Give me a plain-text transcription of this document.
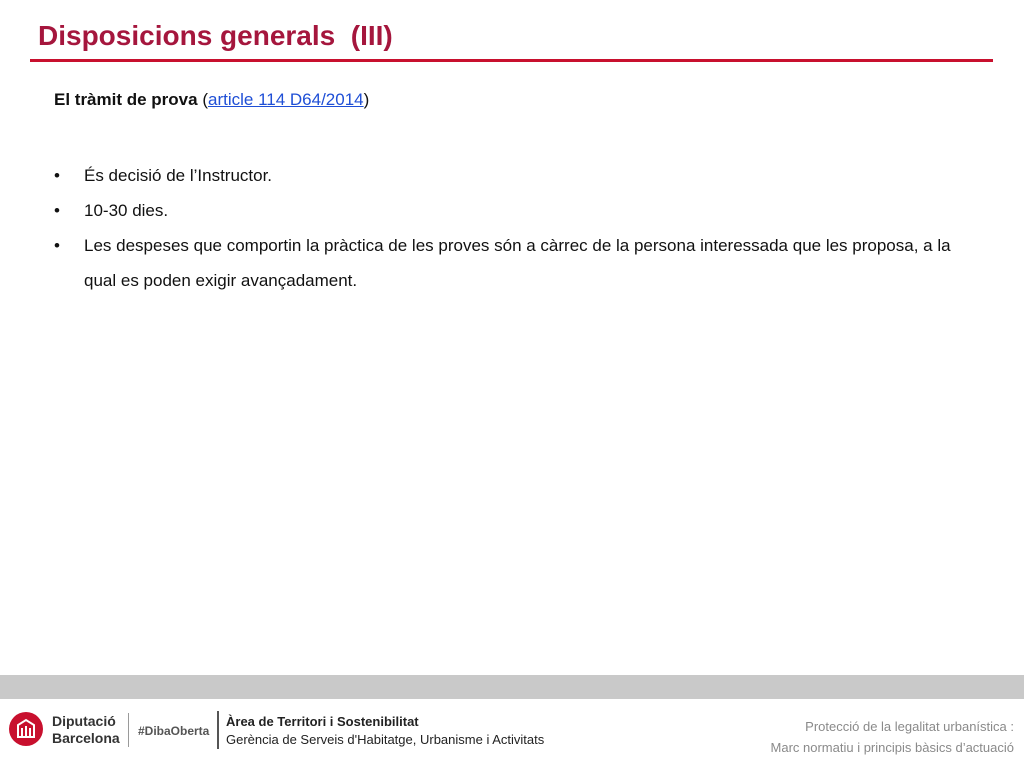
Disposicions generals  (III)
El tràmit de prova (article 114 D64/2014)
• És decisió de l’Instructor.
• 10-30 dies.
• Les despeses que comportin la pràctica de les proves són a càrrec de la persona interessada que les proposa, a la qual es poden exigir avançadament.
Diputació
Barcelona #DibaOberta
Àrea de Territori i Sostenibilitat
Gerència de Serveis d'Habitatge, Urbanisme i Activitats
Protecció de la legalitat urbanística :
Marc normatiu i principis bàsics d’actuació
